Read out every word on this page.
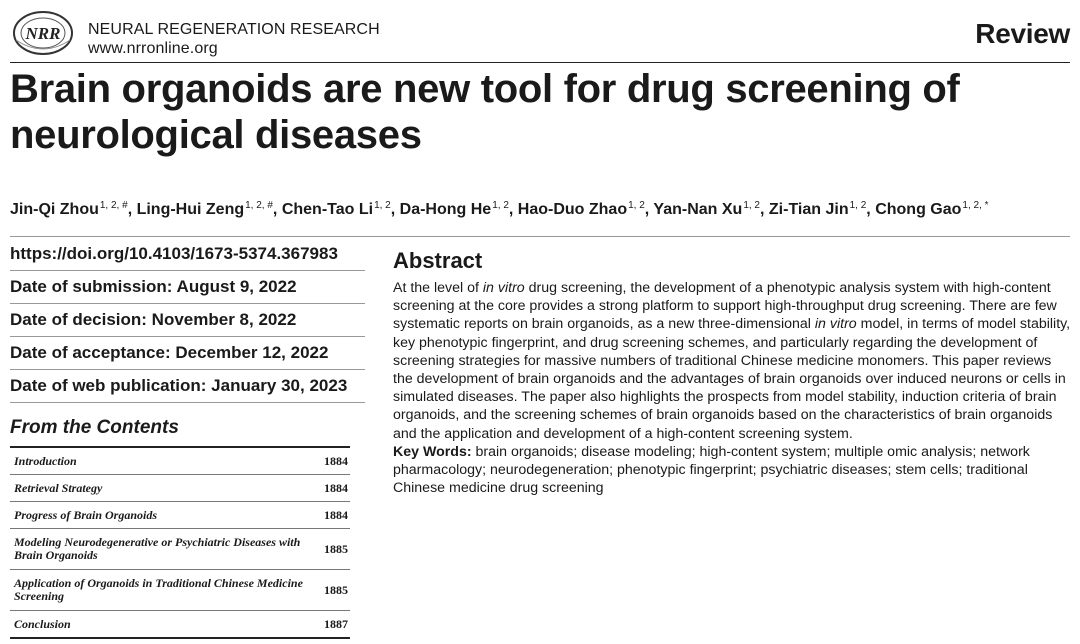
NRR NEURAL REGENERATION RESEARCH
www.nrronline.org	Review
Brain organoids are new tool for drug screening of neurological diseases
Jin-Qi Zhou$^{1, 2, \#}$, Ling-Hui Zeng$^{1, 2, \#}$, Chen-Tao Li$^{1, 2}$, Da-Hong He$^{1, 2}$, Hao-Duo Zhao$^{1, 2}$, Yan-Nan Xu$^{1, 2}$, Zi-Tian Jin$^{1, 2}$, Chong Gao$^{1, 2, *}$
https://doi.org/10.4103/1673-5374.367983
Date of submission: August 9, 2022
Date of decision: November 8, 2022
Date of acceptance: December 12, 2022
Date of web publication: January 30, 2023
From the Contents
Introduction	1884
Retrieval Strategy	1884
Progress of Brain Organoids	1884
Modeling Neurodegenerative or Psychiatric Diseases with Brain Organoids	1885
Application of Organoids in Traditional Chinese Medicine Screening	1885
Conclusion	1887
Abstract

At the level of in vitro drug screening, the development of a phenotypic analysis system with high-content screening at the core provides a strong platform to support high-throughput drug screening. There are few systematic reports on brain organoids, as a new three-dimensional in vitro model, in terms of model stability, key phenotypic fingerprint, and drug screening schemes, and particularly regarding the development of screening strategies for massive numbers of traditional Chinese medicine monomers. This paper reviews the development of brain organoids and the advantages of brain organoids over induced neurons or cells in simulated diseases. The paper also highlights the prospects from model stability, induction criteria of brain organoids, and the screening schemes of brain organoids based on the characteristics of brain organoids and the application and development of a high-content screening system.

Key Words: brain organoids; disease modeling; high-content system; multiple omic analysis; network pharmacology; neurodegeneration; phenotypic fingerprint; psychiatric diseases; stem cells; traditional Chinese medicine drug screening
